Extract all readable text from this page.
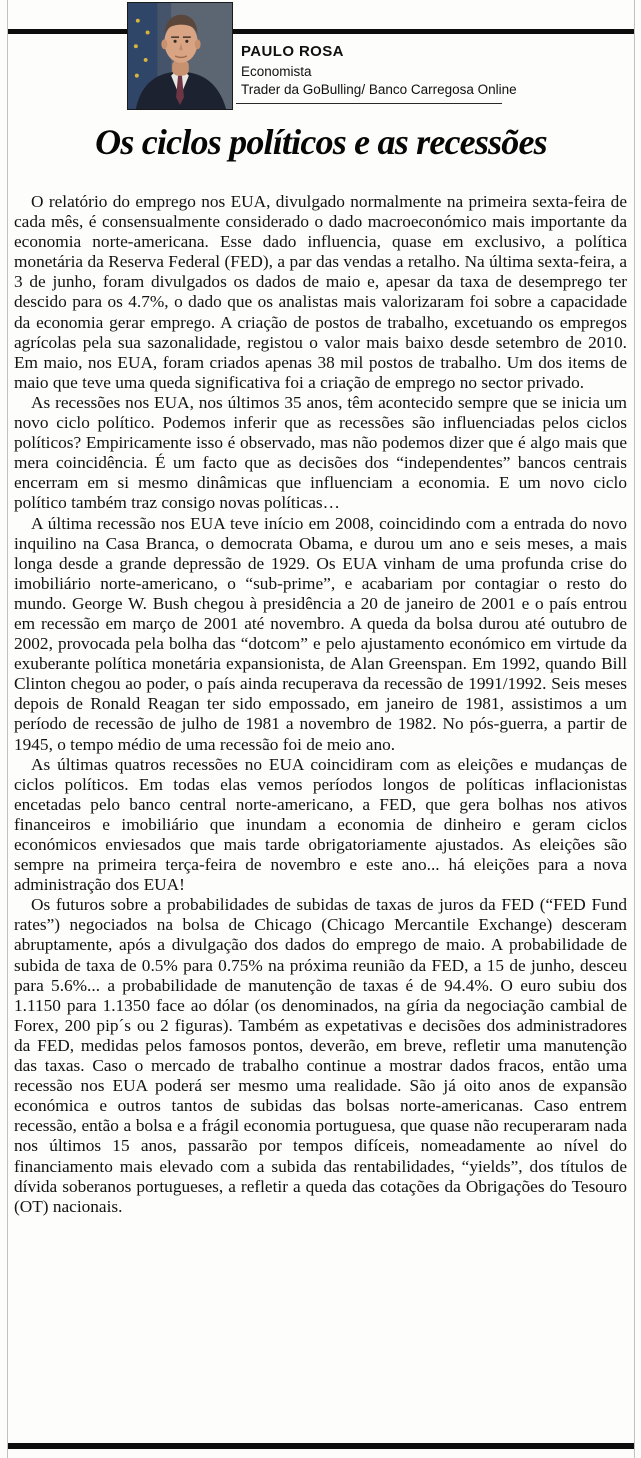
PAULO ROSA
Economista
Trader da GoBulling/ Banco Carregosa Online
Os ciclos políticos e as recessões

O relatório do emprego nos EUA, divulgado normalmente na primeira sexta-feira de cada mês, é consensualmente considerado o dado macroeconómico mais importante da economia norte-americana. Esse dado influencia, quase em exclusivo, a política monetária da Reserva Federal (FED), a par das vendas a retalho. Na última sexta-feira, a 3 de junho, foram divulgados os dados de maio e, apesar da taxa de desemprego ter descido para os 4.7%, o dado que os analistas mais valorizaram foi sobre a capacidade da economia gerar emprego. A criação de postos de trabalho, excetuando os empregos agrícolas pela sua sazonalidade, registou o valor mais baixo desde setembro de 2010. Em maio, nos EUA, foram criados apenas 38 mil postos de trabalho. Um dos items de maio que teve uma queda significativa foi a criação de emprego no sector privado.

As recessões nos EUA, nos últimos 35 anos, têm acontecido sempre que se inicia um novo ciclo político. Podemos inferir que as recessões são influenciadas pelos ciclos políticos? Empiricamente isso é observado, mas não podemos dizer que é algo mais que mera coincidência. É um facto que as decisões dos “independentes” bancos centrais encerram em si mesmo dinâmicas que influenciam a economia. E um novo ciclo político também traz consigo novas políticas…

A última recessão nos EUA teve início em 2008, coincidindo com a entrada do novo inquilino na Casa Branca, o democrata Obama, e durou um ano e seis meses, a mais longa desde a grande depressão de 1929. Os EUA vinham de uma profunda crise do imobiliário norte-americano, o “sub-prime”, e acabariam por contagiar o resto do mundo. George W. Bush chegou à presidência a 20 de janeiro de 2001 e o país entrou em recessão em março de 2001 até novembro. A queda da bolsa durou até outubro de 2002, provocada pela bolha das “dotcom” e pelo ajustamento económico em virtude da exuberante política monetária expansionista, de Alan Greenspan. Em 1992, quando Bill Clinton chegou ao poder, o país ainda recuperava da recessão de 1991/1992. Seis meses depois de Ronald Reagan ter sido empossado, em janeiro de 1981, assistimos a um período de recessão de julho de 1981 a novembro de 1982. No pós-guerra, a partir de 1945, o tempo médio de uma recessão foi de meio ano.

As últimas quatros recessões no EUA coincidiram com as eleições e mudanças de ciclos políticos. Em todas elas vemos períodos longos de políticas inflacionistas encetadas pelo banco central norte-americano, a FED, que gera bolhas nos ativos financeiros e imobiliário que inundam a economia de dinheiro e geram ciclos económicos enviesados que mais tarde obrigatoriamente ajustados. As eleições são sempre na primeira terça-feira de novembro e este ano... há eleições para a nova administração dos EUA!

Os futuros sobre a probabilidades de subidas de taxas de juros da FED (“FED Fund rates”) negociados na bolsa de Chicago (Chicago Mercantile Exchange) desceram abruptamente, após a divulgação dos dados do emprego de maio. A probabilidade de subida de taxa de 0.5% para 0.75% na próxima reunião da FED, a 15 de junho, desceu para 5.6%... a probabilidade de manutenção de taxas é de 94.4%. O euro subiu dos 1.1150 para 1.1350 face ao dólar (os denominados, na gíria da negociação cambial de Forex, 200 pip´s ou 2 figuras). Também as expetativas e decisões dos administradores da FED, medidas pelos famosos pontos, deverão, em breve, refletir uma manutenção das taxas. Caso o mercado de trabalho continue a mostrar dados fracos, então uma recessão nos EUA poderá ser mesmo uma realidade. São já oito anos de expansão económica e outros tantos de subidas das bolsas norte-americanas. Caso entrem recessão, então a bolsa e a frágil economia portuguesa, que quase não recuperaram nada nos últimos 15 anos, passarão por tempos difíceis, nomeadamente ao nível do financiamento mais elevado com a subida das rentabilidades, “yields”, dos títulos de dívida soberanos portugueses, a refletir a queda das cotações da Obrigações do Tesouro (OT) nacionais.
